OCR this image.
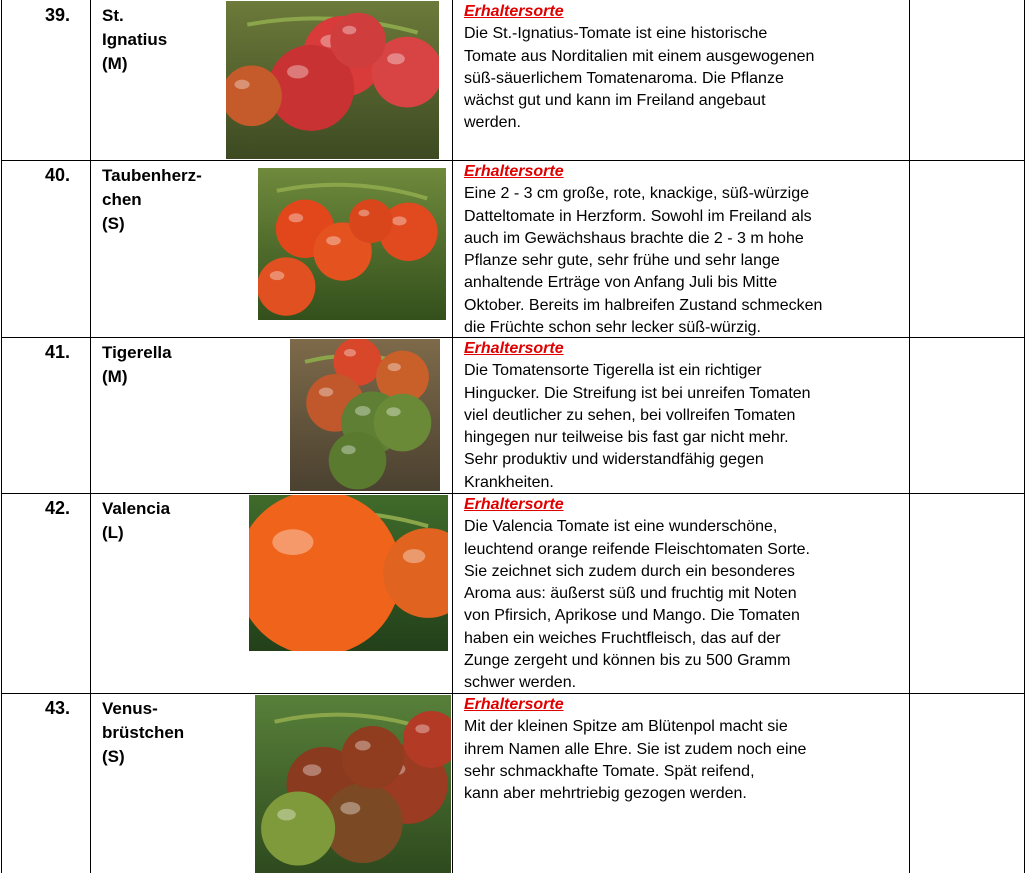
39. St.
Ignatius
(M)
Erhaltersorte
Die St.-Ignatius-Tomate ist eine historische
Tomate aus Norditalien mit einem ausgewogenen
süß-säuerlichem Tomatenaroma. Die Pflanze
wächst gut und kann im Freiland angebaut
werden.
40. Taubenherz-
chen
(S)
Erhaltersorte
Eine 2 - 3 cm große, rote, knackige, süß-würzige
Datteltomate in Herzform. Sowohl im Freiland als
auch im Gewächshaus brachte die 2 - 3 m hohe
Pflanze sehr gute, sehr frühe und sehr lange
anhaltende Erträge von Anfang Juli bis Mitte
Oktober. Bereits im halbreifen Zustand schmecken
die Früchte schon sehr lecker süß-würzig.
41. Tigerella
(M)
Erhaltersorte
Die Tomatensorte Tigerella ist ein richtiger
Hingucker. Die Streifung ist bei unreifen Tomaten
viel deutlicher zu sehen, bei vollreifen Tomaten
hingegen nur teilweise bis fast gar nicht mehr.
Sehr produktiv und widerstandfähig gegen
Krankheiten.
42. Valencia
(L)
Erhaltersorte
Die Valencia Tomate ist eine wunderschöne,
leuchtend orange reifende Fleischtomaten Sorte.
Sie zeichnet sich zudem durch ein besonderes
Aroma aus: äußerst süß und fruchtig mit Noten
von Pfirsich, Aprikose und Mango. Die Tomaten
haben ein weiches Fruchtfleisch, das auf der
Zunge zergeht und können bis zu 500 Gramm
schwer werden.
43. Venus-
brüstchen
(S)
Erhaltersorte
Mit der kleinen Spitze am Blütenpol macht sie
ihrem Namen alle Ehre. Sie ist zudem noch eine
sehr schmackhafte Tomate. Spät reifend,
kann aber mehrtriebig gezogen werden.
